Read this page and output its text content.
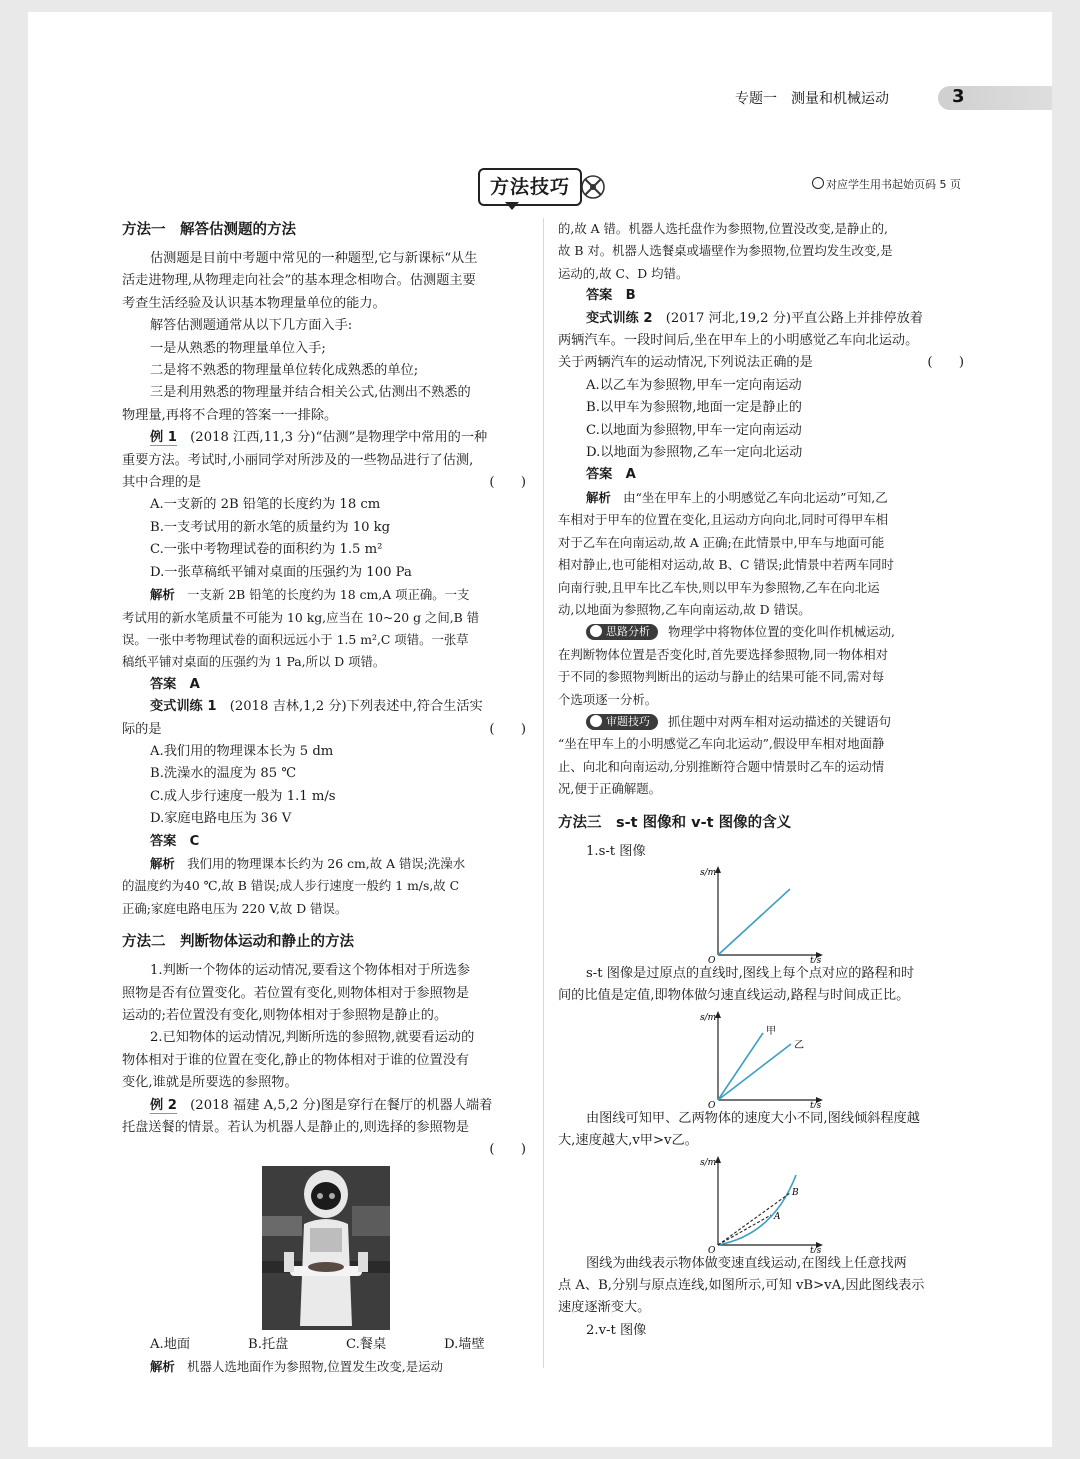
专题一　测量和机械运动	3
方法技巧	对应学生用书起始页码 5 页
方法一　解答估测题的方法
估测题是目前中考题中常见的一种题型,它与新课标“从生
活走进物理,从物理走向社会”的基本理念相吻合。估测题主要
考查生活经验及认识基本物理量单位的能力。
解答估测题通常从以下几方面入手:
一是从熟悉的物理量单位入手;
二是将不熟悉的物理量单位转化成熟悉的单位;
三是利用熟悉的物理量并结合相关公式,估测出不熟悉的
物理量,再将不合理的答案一一排除。
例 1　 (2018 江西,11,3 分)“估测”是物理学中常用的一种
重要方法。考试时,小丽同学对所涉及的一些物品进行了估测,
其中合理的是	(　　)
A.一支新的 2B 铅笔的长度约为 18 cm
B.一支考试用的新水笔的质量约为 10 kg
C.一张中考物理试卷的面积约为 1.5 m²
D.一张草稿纸平铺对桌面的压强约为 100 Pa
解析　 一支新 2B 铅笔的长度约为 18 cm,A 项正确。一支
考试用的新水笔质量不可能为 10 kg,应当在 10~20 g 之间,B 错
误。一张中考物理试卷的面积远远小于 1.5 m²,C 项错。一张草
稿纸平铺对桌面的压强约为 1 Pa,所以 D 项错。
答案　 A
变式训练 1　 (2018 吉林,1,2 分)下列表述中,符合生活实
际的是	(　　)
A.我们用的物理课本长为 5 dm
B.洗澡水的温度为 85 ℃
C.成人步行速度一般为 1.1 m/s
D.家庭电路电压为 36 V
答案　 C
解析　 我们用的物理课本长约为 26 cm,故 A 错误;洗澡水
的温度约为40 ℃,故 B 错误;成人步行速度一般约 1 m/s,故 C
正确;家庭电路电压为 220 V,故 D 错误。
方法二　判断物体运动和静止的方法
1.判断一个物体的运动情况,要看这个物体相对于所选参
照物是否有位置变化。若位置有变化,则物体相对于参照物是
运动的;若位置没有变化,则物体相对于参照物是静止的。
2.已知物体的运动情况,判断所选的参照物,就要看运动的
物体相对于谁的位置在变化,静止的物体相对于谁的位置没有
变化,谁就是所要选的参照物。
例 2　 (2018 福建 A,5,2 分)图是穿行在餐厅的机器人端着
托盘送餐的情景。若认为机器人是静止的,则选择的参照物是
(　　)

A.地面	B.托盘	C.餐桌	D.墙壁
解析　 机器人选地面作为参照物,位置发生改变,是运动
的,故 A 错。机器人选托盘作为参照物,位置没改变,是静止的,
故 B 对。机器人选餐桌或墙壁作为参照物,位置均发生改变,是
运动的,故 C、D 均错。
答案　 B
变式训练 2　 (2017 河北,19,2 分)平直公路上并排停放着
两辆汽车。一段时间后,坐在甲车上的小明感觉乙车向北运动。
关于两辆汽车的运动情况,下列说法正确的是	(　　)
A.以乙车为参照物,甲车一定向南运动
B.以甲车为参照物,地面一定是静止的
C.以地面为参照物,甲车一定向南运动
D.以地面为参照物,乙车一定向北运动
答案　 A
解析　 由“坐在甲车上的小明感觉乙车向北运动”可知,乙
车相对于甲车的位置在变化,且运动方向向北,同时可得甲车相
对于乙车在向南运动,故 A 正确;在此情景中,甲车与地面可能
相对静止,也可能相对运动,故 B、C 错误;此情景中若两车同时
向南行驶,且甲车比乙车快,则以甲车为参照物,乙车在向北运
动,以地面为参照物,乙车向南运动,故 D 错误。
思路分析 物理学中将物体位置的变化叫作机械运动,
在判断物体位置是否变化时,首先要选择参照物,同一物体相对
于不同的参照物判断出的运动与静止的结果可能不同,需对每
个选项逐一分析。
审题技巧 抓住题中对两车相对运动描述的关键语句
“坐在甲车上的小明感觉乙车向北运动”,假设甲车相对地面静
止、向北和向南运动,分别推断符合题中情景时乙车的运动情
况,便于正确解题。
方法三　s-t 图像和 v-t 图像的含义
1.s-t 图像
s/m
O	t/s
s-t 图像是过原点的直线时,图线上每个点对应的路程和时
间的比值是定值,即物体做匀速直线运动,路程与时间成正比。
甲
乙
s/m
O	t/s
由图线可知甲、乙两物体的速度大小不同,图线倾斜程度越
大,速度越大,v甲>v乙。
A
B
s/m
O	t/s
图线为曲线表示物体做变速直线运动,在图线上任意找两
点 A、B,分别与原点连线,如图所示,可知 vB>vA,因此图线表示
速度逐渐变大。
2.v-t 图像
